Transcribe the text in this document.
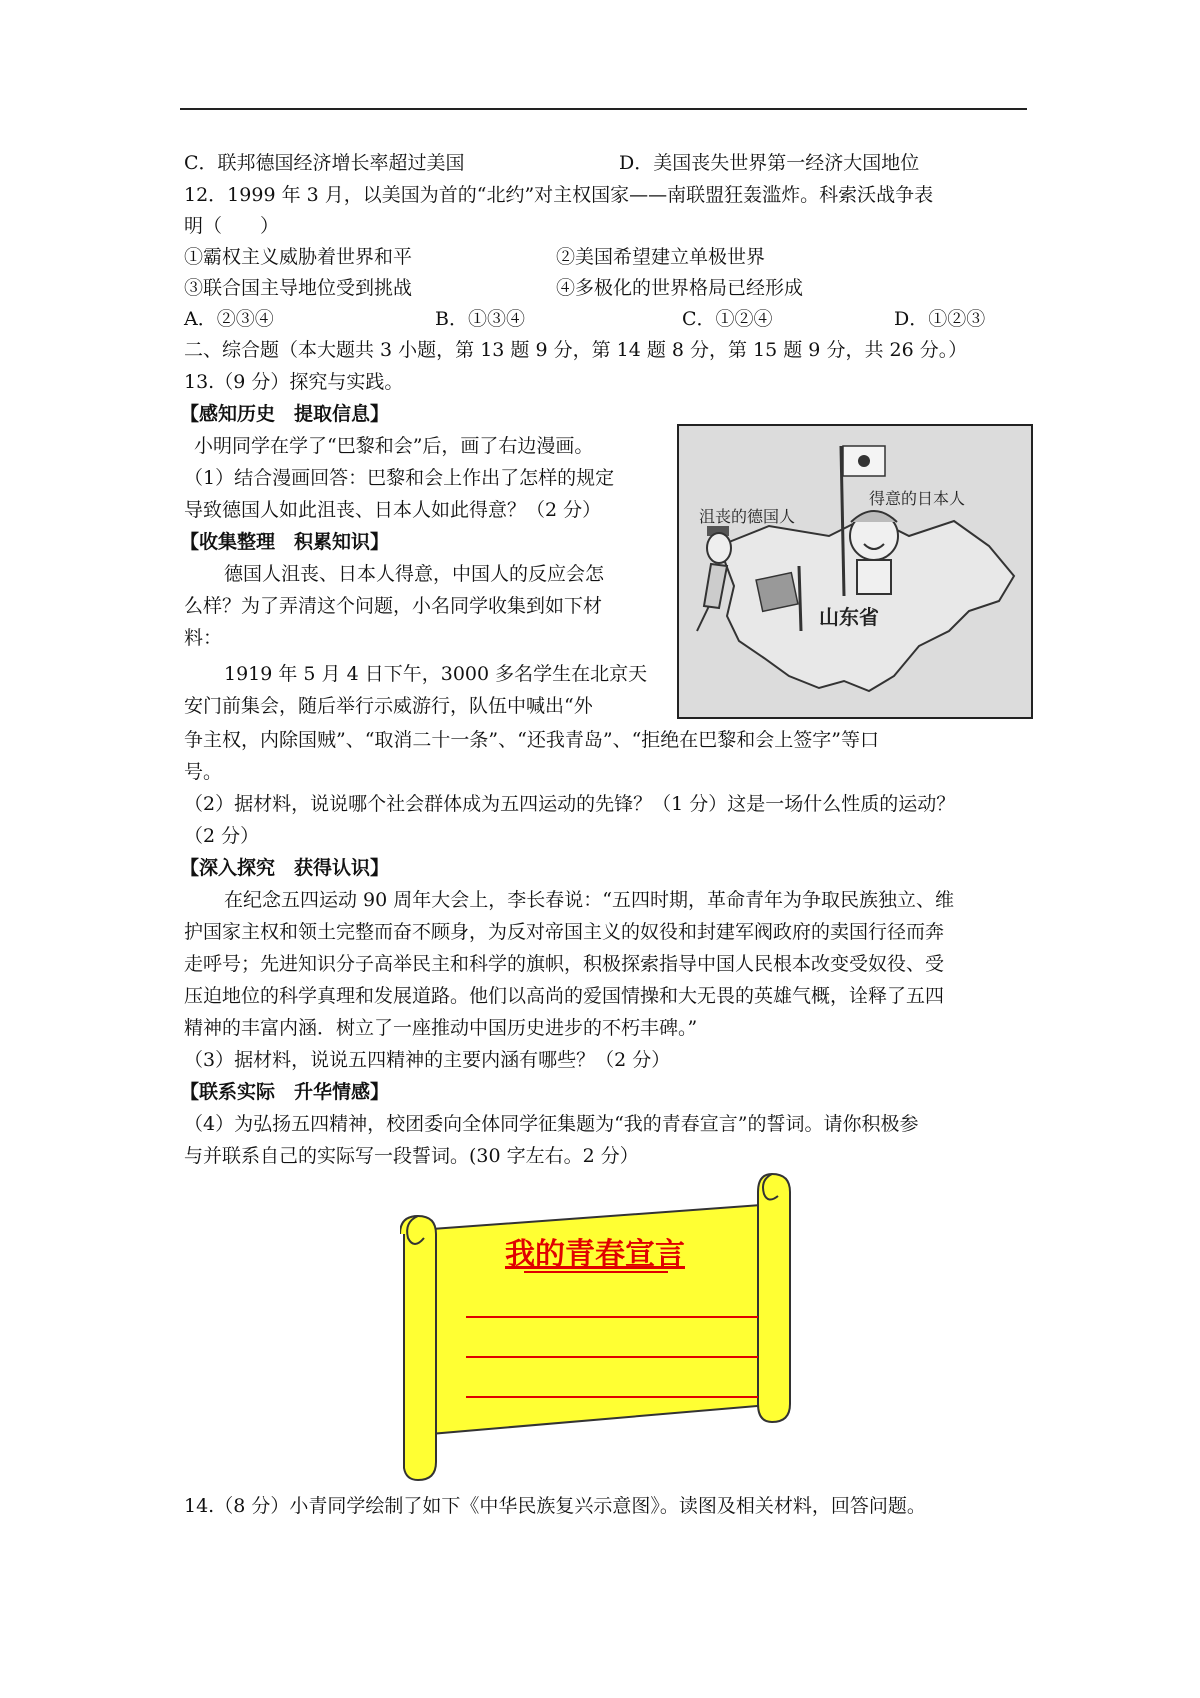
C．联邦德国经济增长率超过美国	D．美国丧失世界第一经济大国地位
12．1999 年 3 月，以美国为首的“北约”对主权国家——南联盟狂轰滥炸。科索沃战争表
明（　　）
①霸权主义威胁着世界和平	②美国希望建立单极世界
③联合国主导地位受到挑战	④多极化的世界格局已经形成
A．②③④	B．①③④	C．①②④	D．①②③
二、综合题（本大题共 3 小题，第 13 题 9 分，第 14 题 8 分，第 15 题 9 分，共 26 分。）
13.（9 分）探究与实践。
【感知历史　提取信息】
小明同学在学了“巴黎和会”后，画了右边漫画。
（1）结合漫画回答：巴黎和会上作出了怎样的规定
导致德国人如此沮丧、日本人如此得意？（2 分）
【收集整理　积累知识】
德国人沮丧、日本人得意，中国人的反应会怎
么样？为了弄清这个问题，小名同学收集到如下材
料：
1919 年 5 月 4 日下午，3000 多名学生在北京天
安门前集会，随后举行示威游行，队伍中喊出“外
争主权，内除国贼”、“取消二十一条”、“还我青岛”、“拒绝在巴黎和会上签字”等口
号。
（2）据材料，说说哪个社会群体成为五四运动的先锋？（1 分）这是一场什么性质的运动？
（2 分）
【深入探究　获得认识】
在纪念五四运动 90 周年大会上，李长春说：“五四时期，革命青年为争取民族独立、维
护国家主权和领土完整而奋不顾身，为反对帝国主义的奴役和封建军阀政府的卖国行径而奔
走呼号；先进知识分子高举民主和科学的旗帜，积极探索指导中国人民根本改变受奴役、受
压迫地位的科学真理和发展道路。他们以高尚的爱国情操和大无畏的英雄气概，诠释了五四
精神的丰富内涵．树立了一座推动中国历史进步的不朽丰碑。”
（3）据材料，说说五四精神的主要内涵有哪些？（2 分）
【联系实际　升华情感】
（4）为弘扬五四精神，校团委向全体同学征集题为“我的青春宣言”的誓词。请你积极参
与并联系自己的实际写一段誓词。(30 字左右。2 分）
得意的日本人
沮丧的德国人
山东省
我的青春宣言
14.（8 分）小青同学绘制了如下《中华民族复兴示意图》。读图及相关材料，回答问题。
